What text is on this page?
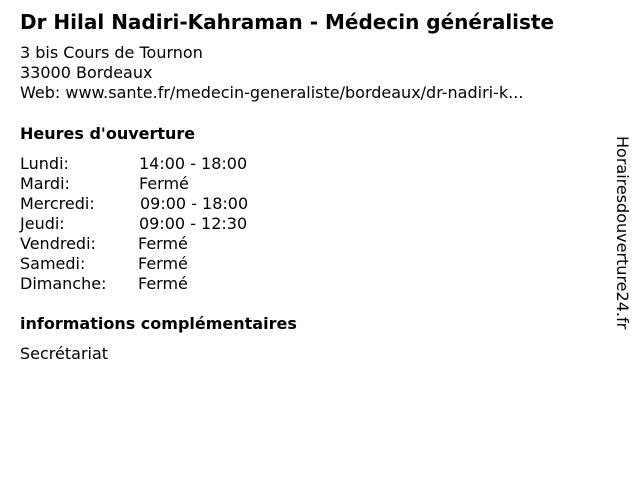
Dr Hilal Nadiri-Kahraman - Médecin généraliste
3 bis Cours de Tournon
33000 Bordeaux
Web: www.sante.fr/medecin-generaliste/bordeaux/dr-nadiri-k...
Heures d'ouverture
Lundi:	14:00 - 18:00
Mardi:	Fermé
Mercredi:	09:00 - 18:00
Jeudi:	09:00 - 12:30
Vendredi:	Fermé
Samedi:	Fermé
Dimanche: Fermé
informations complémentaires
Secrétariat
Horairesdouverture24.fr
